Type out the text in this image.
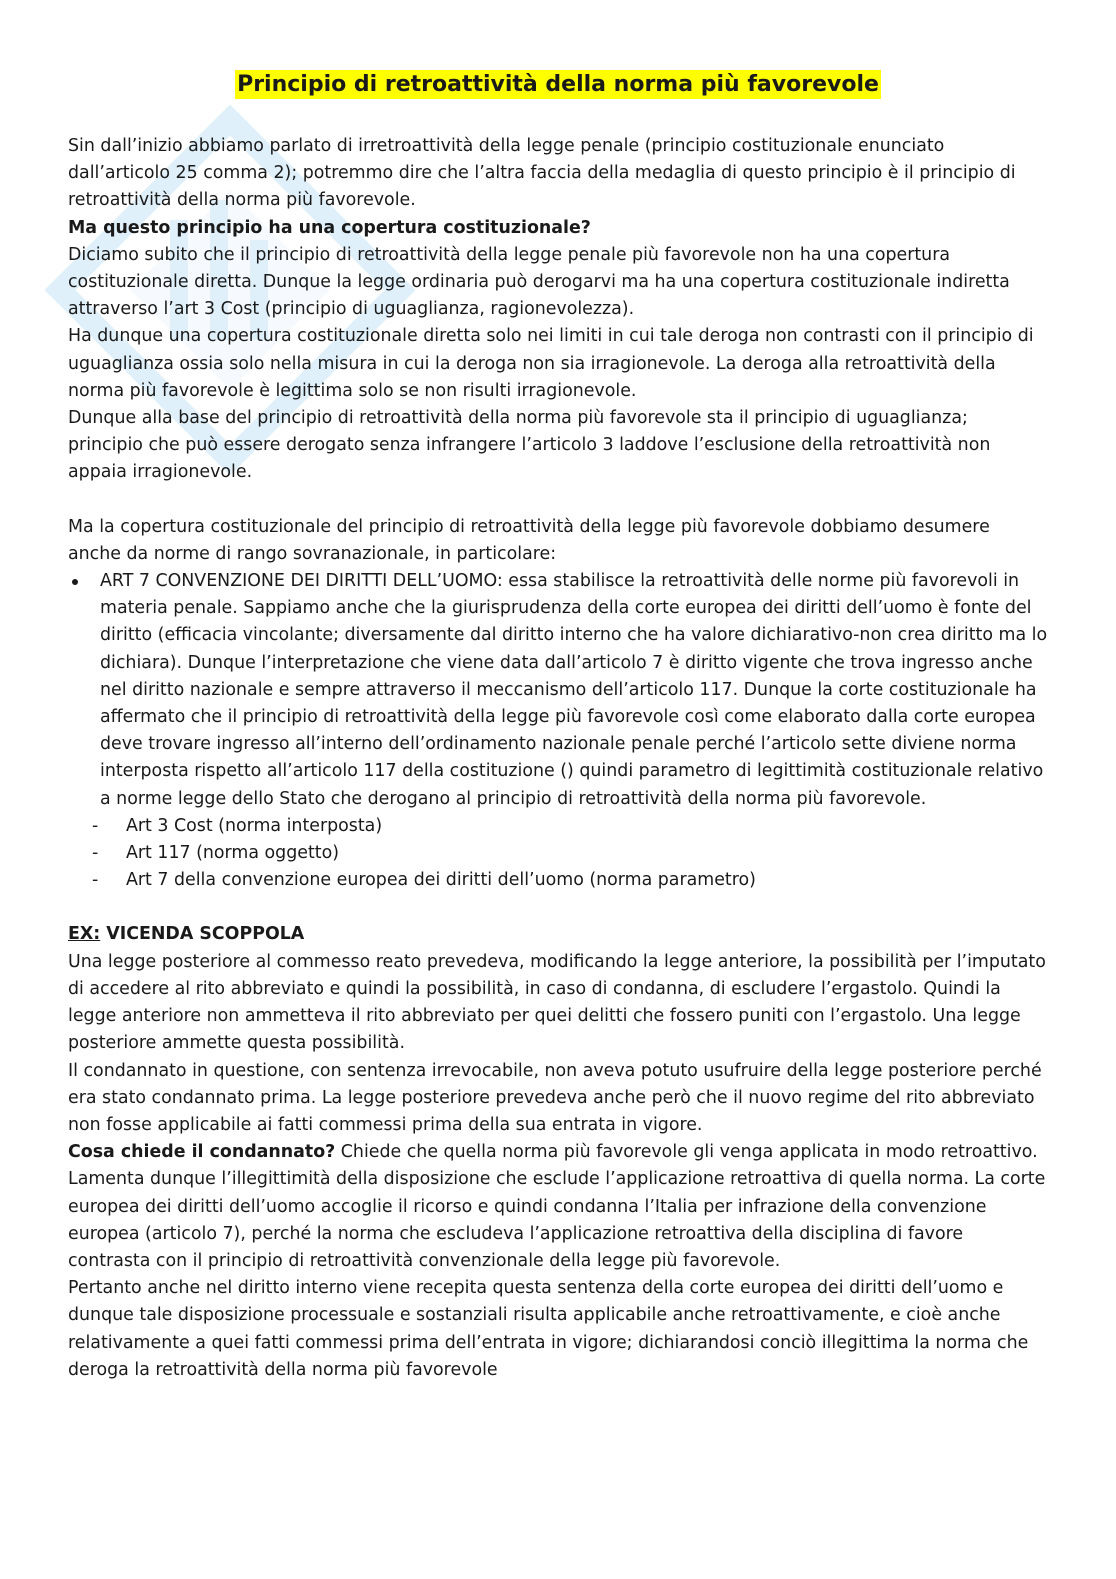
Principio di retroattività della norma più favorevole

Sin dall’inizio abbiamo parlato di irretroattività della legge penale (principio costituzionale enunciato dall’articolo 25 comma 2); potremmo dire che l’altra faccia della medaglia di questo principio è il principio di retroattività della norma più favorevole.

Ma questo principio ha una copertura costituzionale?

Diciamo subito che il principio di retroattività della legge penale più favorevole non ha una copertura costituzionale diretta. Dunque la legge ordinaria può derogarvi ma ha una copertura costituzionale indiretta attraverso l’art 3 Cost (principio di uguaglianza, ragionevolezza).

Ha dunque una copertura costituzionale diretta solo nei limiti in cui tale deroga non contrasti con il principio di uguaglianza ossia solo nella misura in cui la deroga non sia irragionevole. La deroga alla retroattività della norma più favorevole è legittima solo se non risulti irragionevole.

Dunque alla base del principio di retroattività della norma più favorevole sta il principio di uguaglianza; principio che può essere derogato senza infrangere l’articolo 3 laddove l’esclusione della retroattività non appaia irragionevole.

Ma la copertura costituzionale del principio di retroattività della legge più favorevole dobbiamo desumere anche da norme di rango sovranazionale, in particolare:

ART 7 CONVENZIONE DEI DIRITTI DELL’UOMO: essa stabilisce la retroattività delle norme più favorevoli in materia penale. Sappiamo anche che la giurisprudenza della corte europea dei diritti dell’uomo è fonte del diritto (efficacia vincolante; diversamente dal diritto interno che ha valore dichiarativo-non crea diritto ma lo dichiara). Dunque l’interpretazione che viene data dall’articolo 7 è diritto vigente che trova ingresso anche nel diritto nazionale e sempre attraverso il meccanismo dell’articolo 117. Dunque la corte costituzionale ha affermato che il principio di retroattività della legge più favorevole così come elaborato dalla corte europea deve trovare ingresso all’interno dell’ordinamento nazionale penale perché l’articolo sette diviene norma interposta rispetto all’articolo 117 della costituzione () quindi parametro di legittimità costituzionale relativo a norme legge dello Stato che derogano al principio di retroattività della norma più favorevole.
- Art 3 Cost (norma interposta)
- Art 117 (norma oggetto)
- Art 7 della convenzione europea dei diritti dell’uomo (norma parametro)

EX: VICENDA SCOPPOLA

Una legge posteriore al commesso reato prevedeva, modificando la legge anteriore, la possibilità per l’imputato di accedere al rito abbreviato e quindi la possibilità, in caso di condanna, di escludere l’ergastolo. Quindi la legge anteriore non ammetteva il rito abbreviato per quei delitti che fossero puniti con l’ergastolo. Una legge posteriore ammette questa possibilità.

Il condannato in questione, con sentenza irrevocabile, non aveva potuto usufruire della legge posteriore perché era stato condannato prima. La legge posteriore prevedeva anche però che il nuovo regime del rito abbreviato non fosse applicabile ai fatti commessi prima della sua entrata in vigore.

Cosa chiede il condannato? Chiede che quella norma più favorevole gli venga applicata in modo retroattivo. Lamenta dunque l’illegittimità della disposizione che esclude l’applicazione retroattiva di quella norma. La corte europea dei diritti dell’uomo accoglie il ricorso e quindi condanna l’Italia per infrazione della convenzione europea (articolo 7), perché la norma che escludeva l’applicazione retroattiva della disciplina di favore contrasta con il principio di retroattività convenzionale della legge più favorevole.

Pertanto anche nel diritto interno viene recepita questa sentenza della corte europea dei diritti dell’uomo e dunque tale disposizione processuale e sostanziali risulta applicabile anche retroattivamente, e cioè anche relativamente a quei fatti commessi prima dell’entrata in vigore; dichiarandosi conciò illegittima la norma che deroga la retroattività della norma più favorevole
